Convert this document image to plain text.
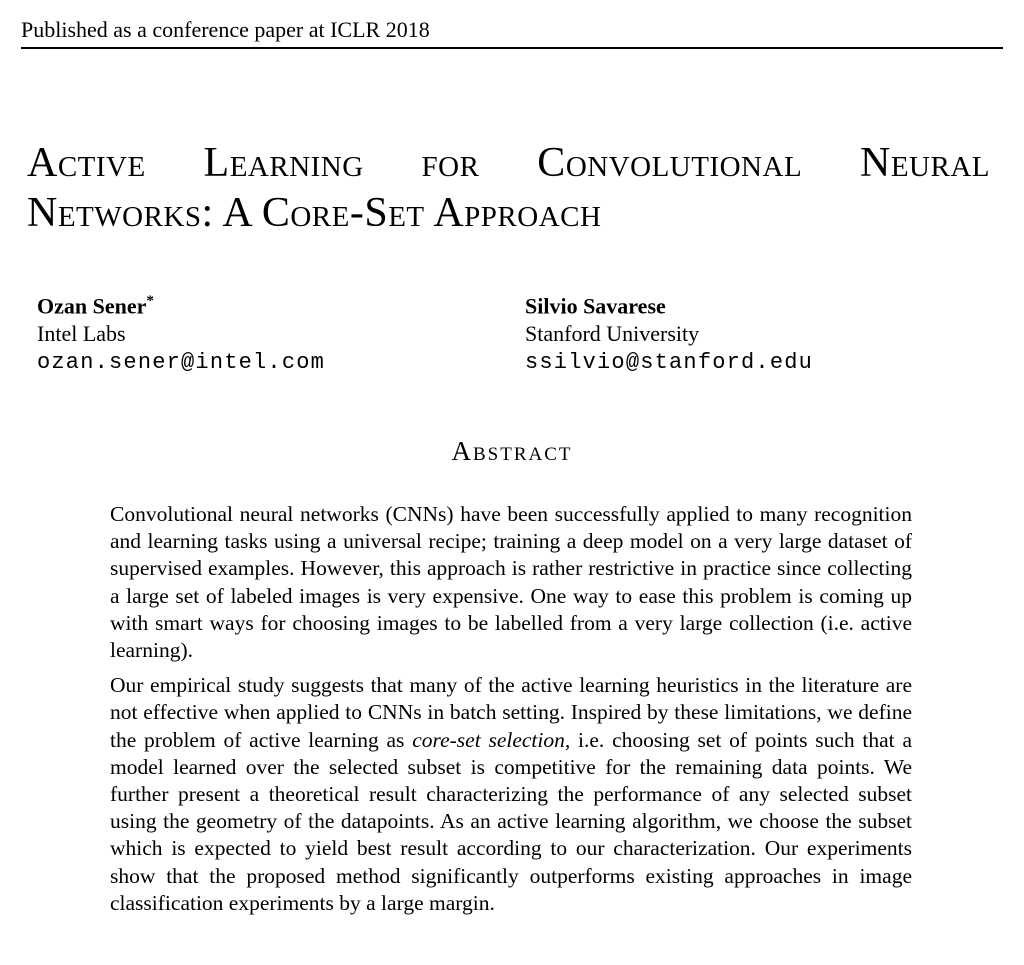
Published as a conference paper at ICLR 2018
Active Learning for Convolutional Neural
Networks: A Core-Set Approach
Ozan Sener*
Intel Labs
ozan.sener@intel.com
Silvio Savarese
Stanford University
ssilvio@stanford.edu
Abstract

Convolutional neural networks (CNNs) have been successfully applied to many recognition and learning tasks using a universal recipe; training a deep model on a very large dataset of supervised examples. However, this approach is rather restrictive in practice since collecting a large set of labeled images is very expensive. One way to ease this problem is coming up with smart ways for choosing images to be labelled from a very large collection (i.e. active learning).

Our empirical study suggests that many of the active learning heuristics in the literature are not effective when applied to CNNs in batch setting. Inspired by these limitations, we define the problem of active learning as core-set selection, i.e. choosing set of points such that a model learned over the selected subset is competitive for the remaining data points. We further present a theoretical result characterizing the performance of any selected subset using the geometry of the datapoints. As an active learning algorithm, we choose the subset which is expected to yield best result according to our characterization. Our experiments show that the proposed method significantly outperforms existing approaches in image classification experiments by a large margin.
